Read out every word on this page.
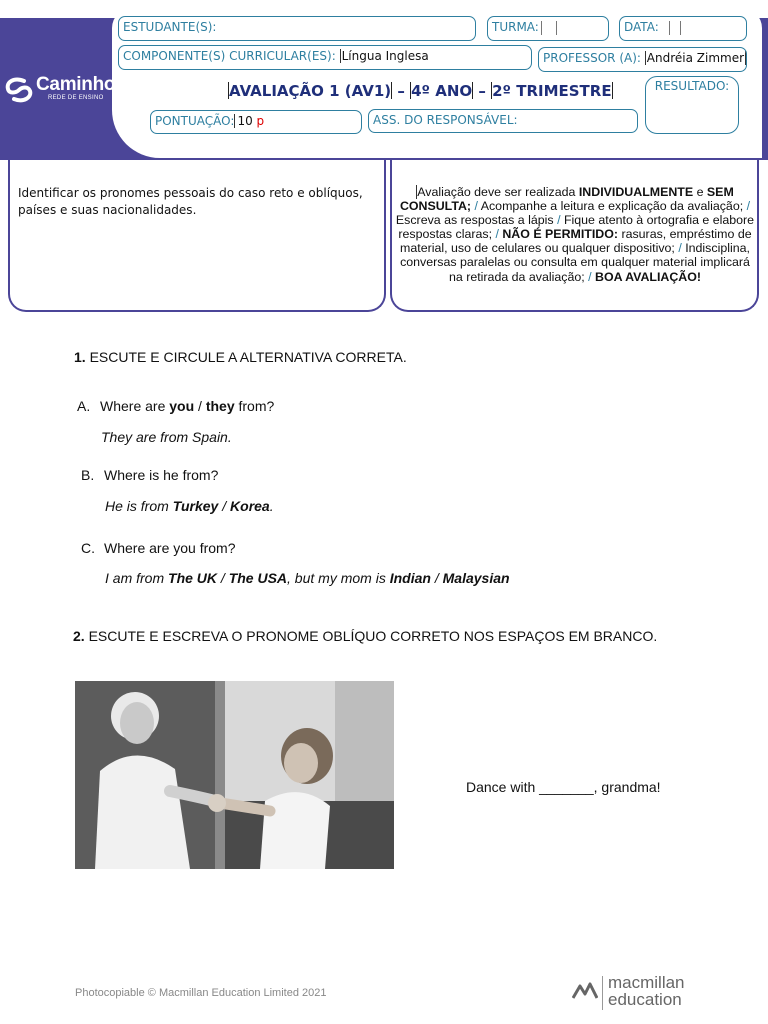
Caminho
REDE DE ENSINO
ESTUDANTE(S):	TURMA:	DATA:
COMPONENTE(S) CURRICULAR(ES): Língua Inglesa	PROFESSOR (A): Andréia Zimmer
AVALIAÇÃO 1 (AV1) – 4º ANO – 2º TRIMESTRE	RESULTADO:
PONTUAÇÃO: 10 p	ASS. DO RESPONSÁVEL:
OBJETOS DE CONHECIMENTO / HABILIDADES
Identificar os pronomes pessoais do caso reto e oblíquos, países e suas nacionalidades.
INSTRUÇÕES PARA REALIZAR A AVALIAÇÃO
Avaliação deve ser realizada INDIVIDUALMENTE e SEM CONSULTA; / Acompanhe a leitura e explicação da avaliação; / Escreva as respostas a lápis / Fique atento à ortografia e elabore respostas claras; / NÃO É PERMITIDO: rasuras, empréstimo de material, uso de celulares ou qualquer dispositivo; / Indisciplina, conversas paralelas ou consulta em qualquer material implicará na retirada da avaliação; / BOA AVALIAÇÃO!
1. ESCUTE E CIRCULE A ALTERNATIVA CORRETA.
A. Where are you / they from?
They are from Spain.
B. Where is he from?
He is from Turkey / Korea.
C. Where are you from?
I am from The UK / The USA, but my mom is Indian / Malaysian
2. ESCUTE E ESCREVA O PRONOME OBLÍQUO CORRETO NOS ESPAÇOS EM BRANCO.
Dance with _______, grandma!
Photocopiable © Macmillan Education Limited 2021
macmillan
education
